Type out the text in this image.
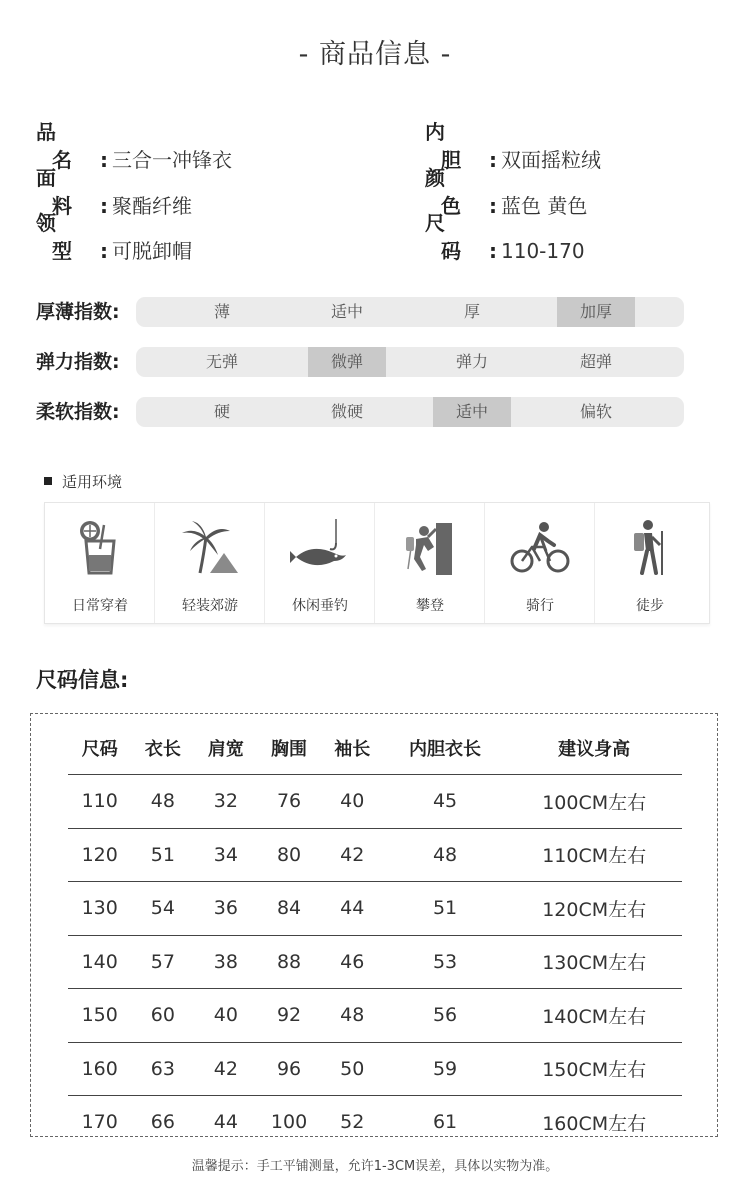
- 商品信息 -
品名 : 三合一冲锋衣
面料 : 聚酯纤维
领型 : 可脱卸帽
内胆 : 双面摇粒绒
颜色 : 蓝色 黄色
尺码 : 110-170
厚薄指数:	薄	适中	厚	加厚
弹力指数:	无弹	微弹	弹力	超弹
柔软指数:	硬	微硬	适中	偏软
适用环境
日常穿着	轻装郊游	休闲垂钓	攀登	骑行	徒步
尺码信息:
尺码	衣长	肩宽	胸围	袖长	内胆衣长	建议身高
110	48	32	76	40	45	100CM左右
120	51	34	80	42	48	110CM左右
130	54	36	84	44	51	120CM左右
140	57	38	88	46	53	130CM左右
150	60	40	92	48	56	140CM左右
160	63	42	96	50	59	150CM左右
170	66	44	100	52	61	160CM左右
温馨提示：手工平铺测量，允许1-3CM误差，具体以实物为准。
